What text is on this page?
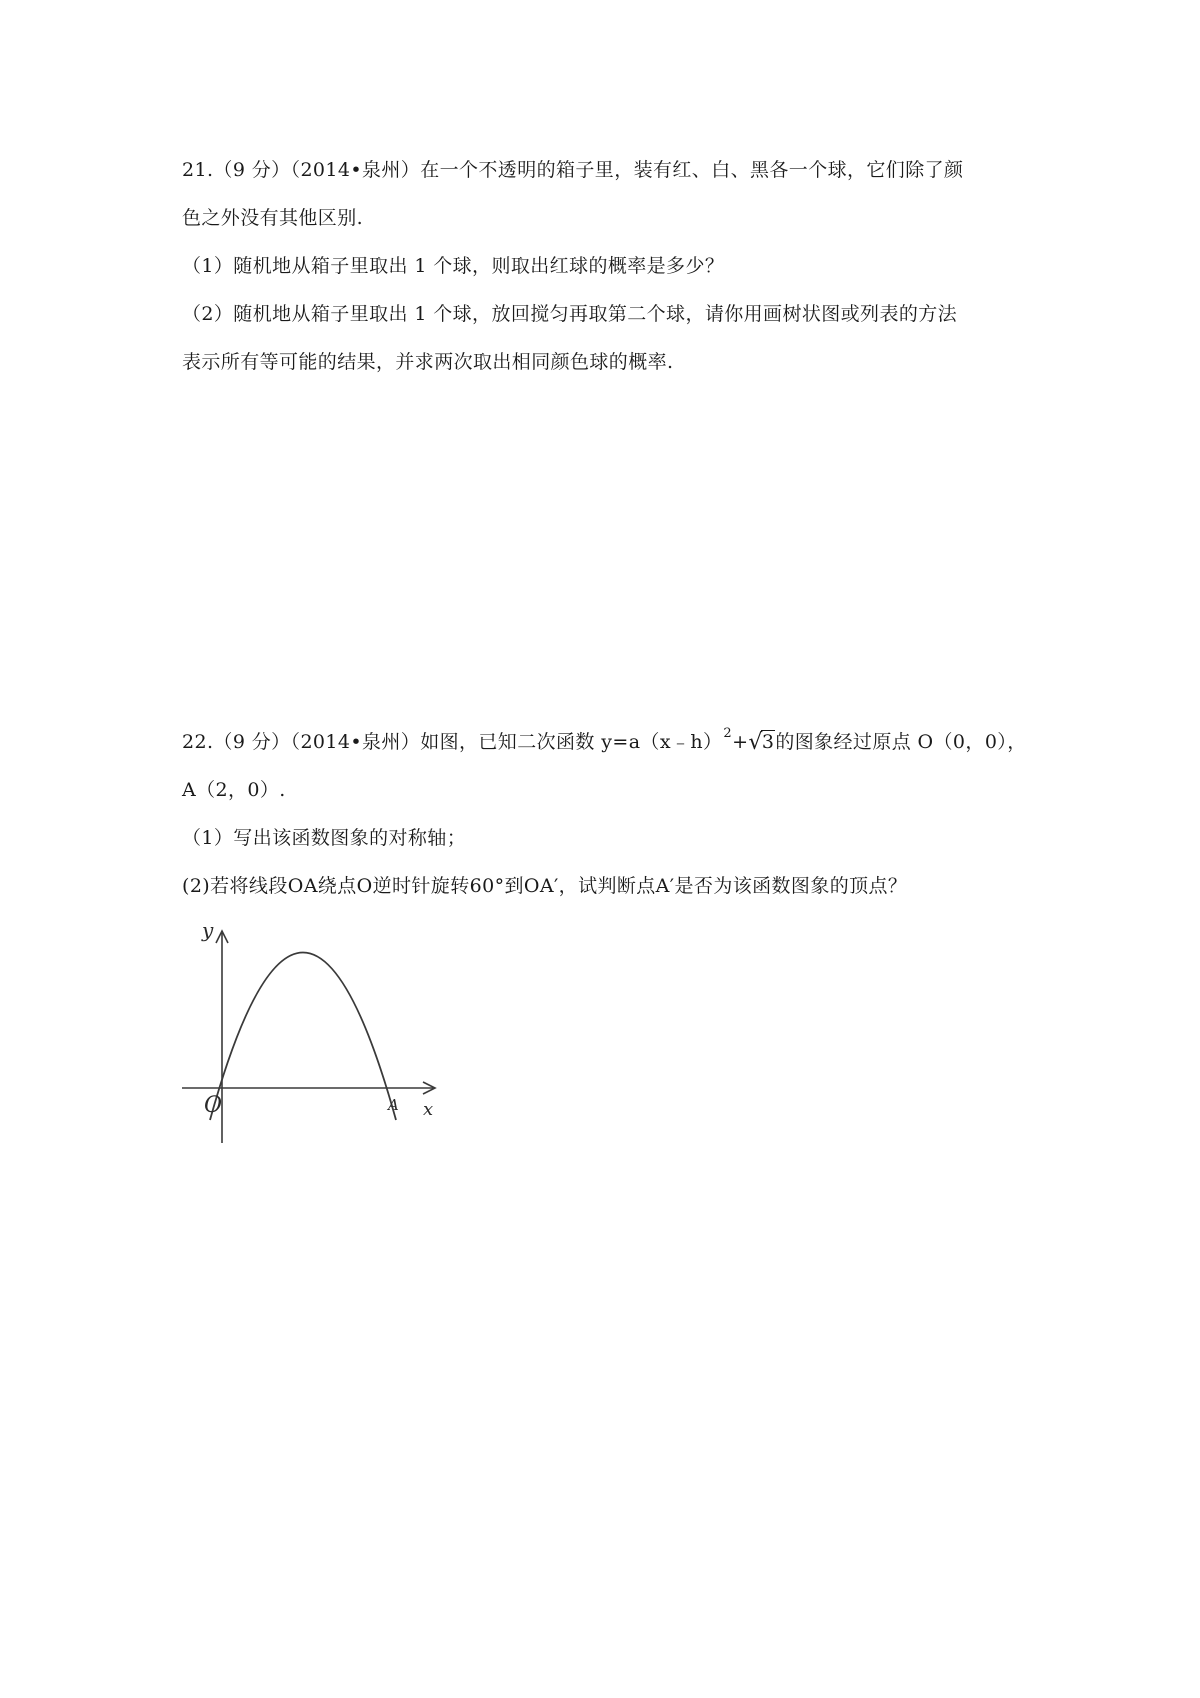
21.（9 分）（2014•泉州）在一个不透明的箱子里，装有红、白、黑各一个球，它们除了颜
色之外没有其他区别.
（1）随机地从箱子里取出 1 个球，则取出红球的概率是多少？
（2）随机地从箱子里取出 1 个球，放回搅匀再取第二个球，请你用画树状图或列表的方法
表示所有等可能的结果，并求两次取出相同颜色球的概率.
22.（9 分）（2014•泉州）如图，已知二次函数 y=a（x﹣h）$^2$+√3的图象经过原点 O（0，0），
A（2，0）.
（1）写出该函数图象的对称轴；
(2)若将线段OA绕点O逆时针旋转60°到OA′，试判断点A′是否为该函数图象的顶点？
y
x
O	A
